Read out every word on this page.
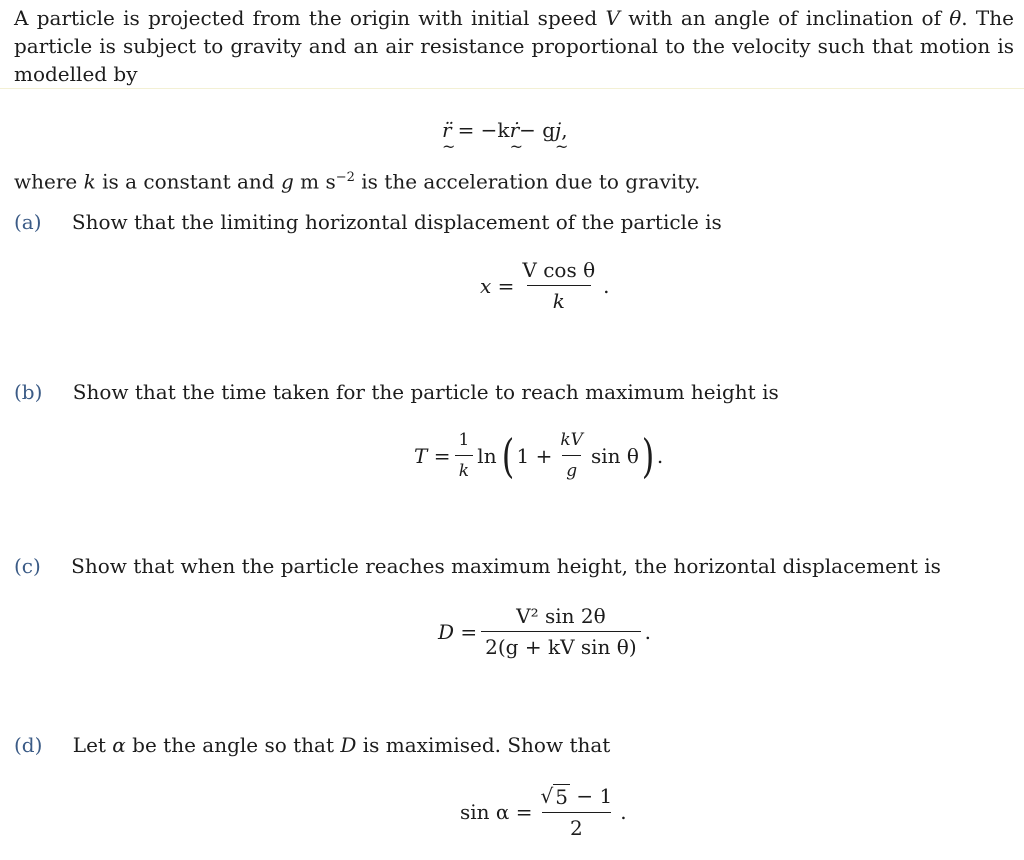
A particle is projected from the origin with initial speed V with an angle of inclination of θ. The particle is subject to gravity and an air resistance proportional to the velocity such that motion is modelled by
r̈ ~ = −k ṙ ~ − g j ~ ,
where k is a constant and g m $s^{-2}$ is the acceleration due to gravity.
(a) Show that the limiting horizontal displacement of the particle is
$x = \frac{\text{V cos θ}}{k}$ .
(b) Show that the time taken for the particle to reach maximum height is
$T = \frac{1}{k}$ ln ( $1 + \frac{kV}{g}$ sin θ ) .
(c) Show that when the particle reaches maximum height, the horizontal displacement is
$D = \frac{\text{V² sin 2θ}}{\text{2(g + kV sin θ)}}$ .
(d) Let α be the angle so that D is maximised. Show that
$\sin \alpha = \frac{√ 5 - 1}{2}$ .
